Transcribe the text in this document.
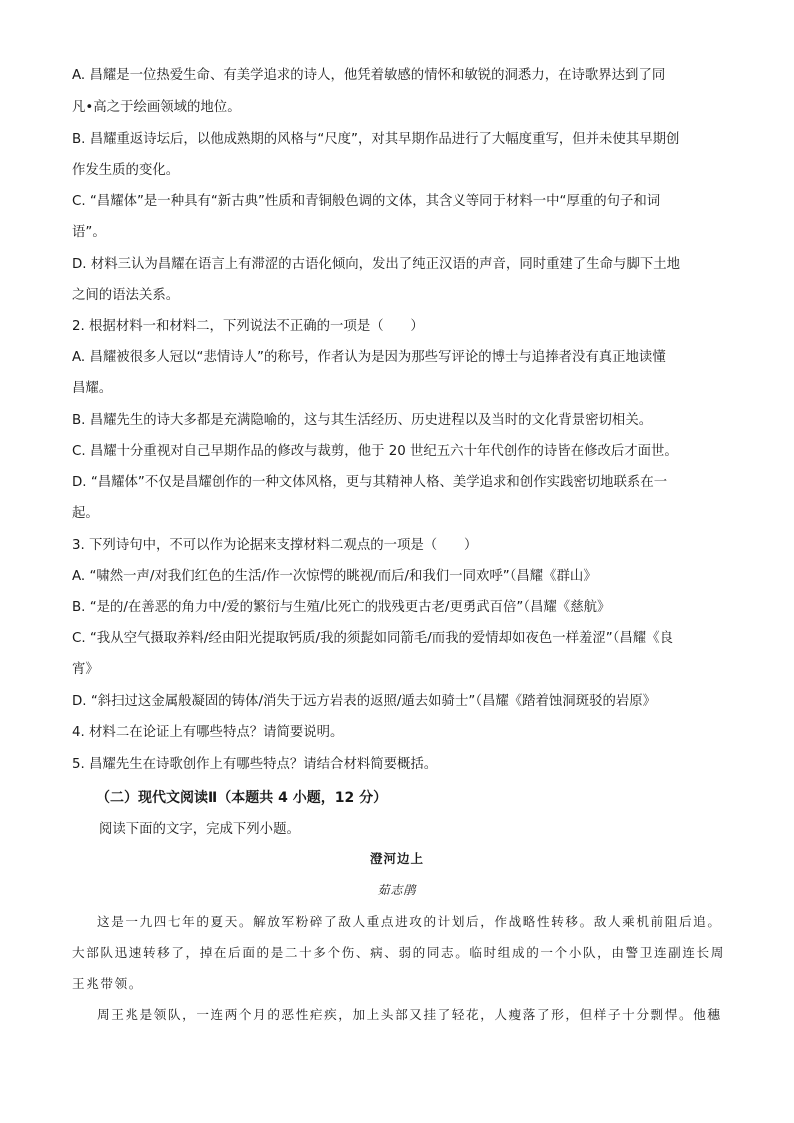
A. 昌耀是一位热爱生命、有美学追求的诗人，他凭着敏感的情怀和敏锐的洞悉力，在诗歌界达到了同
凡•高之于绘画领域的地位。
B. 昌耀重返诗坛后，以他成熟期的风格与“尺度”，对其早期作品进行了大幅度重写，但并未使其早期创
作发生质的变化。
C. “昌耀体”是一种具有“新古典”性质和青铜般色调的文体，其含义等同于材料一中“厚重的句子和词
语”。
D. 材料三认为昌耀在语言上有滞涩的古语化倾向，发出了纯正汉语的声音，同时重建了生命与脚下土地
之间的语法关系。
2. 根据材料一和材料二，下列说法不正确的一项是（　　）
A. 昌耀被很多人冠以“悲情诗人”的称号，作者认为是因为那些写评论的博士与追捧者没有真正地读懂
昌耀。
B. 昌耀先生的诗大多都是充满隐喻的，这与其生活经历、历史进程以及当时的文化背景密切相关。
C. 昌耀十分重视对自己早期作品的修改与裁剪，他于 20 世纪五六十年代创作的诗皆在修改后才面世。
D. “昌耀体”不仅是昌耀创作的一种文体风格，更与其精神人格、美学追求和创作实践密切地联系在一
起。
3. 下列诗句中，不可以作为论据来支撑材料二观点的一项是（　　）
A. “啸然一声/对我们红色的生活/作一次惊愕的眺视/而后/和我们一同欢呼”（昌耀《群山》
B. “是的/在善恶的角力中/爱的繁衍与生殖/比死亡的戕残更古老/更勇武百倍”（昌耀《慈航》
C. “我从空气摄取养料/经由阳光提取钙质/我的须髭如同箭毛/而我的爱情却如夜色一样羞涩”（昌耀《良
宵》
D. “斜扫过这金属般凝固的铸体/消失于远方岩表的返照/遁去如骑士”（昌耀《踏着蚀洞斑驳的岩原》
4. 材料二在论证上有哪些特点？请简要说明。
5. 昌耀先生在诗歌创作上有哪些特点？请结合材料简要概括。
（二）现代文阅读Ⅱ（本题共 4 小题，12 分）
阅读下面的文字，完成下列小题。
澄河边上
茹志鹃
这是一九四七年的夏天。解放军粉碎了敌人重点进攻的计划后，作战略性转移。敌人乘机前阻后追。
大部队迅速转移了，掉在后面的是二十多个伤、病、弱的同志。临时组成的一个小队，由警卫连副连长周
王兆带领。
周王兆是领队，一连两个月的恶性疟疾，加上头部又挂了轻花，人瘦落了形，但样子十分剽悍。他穗
